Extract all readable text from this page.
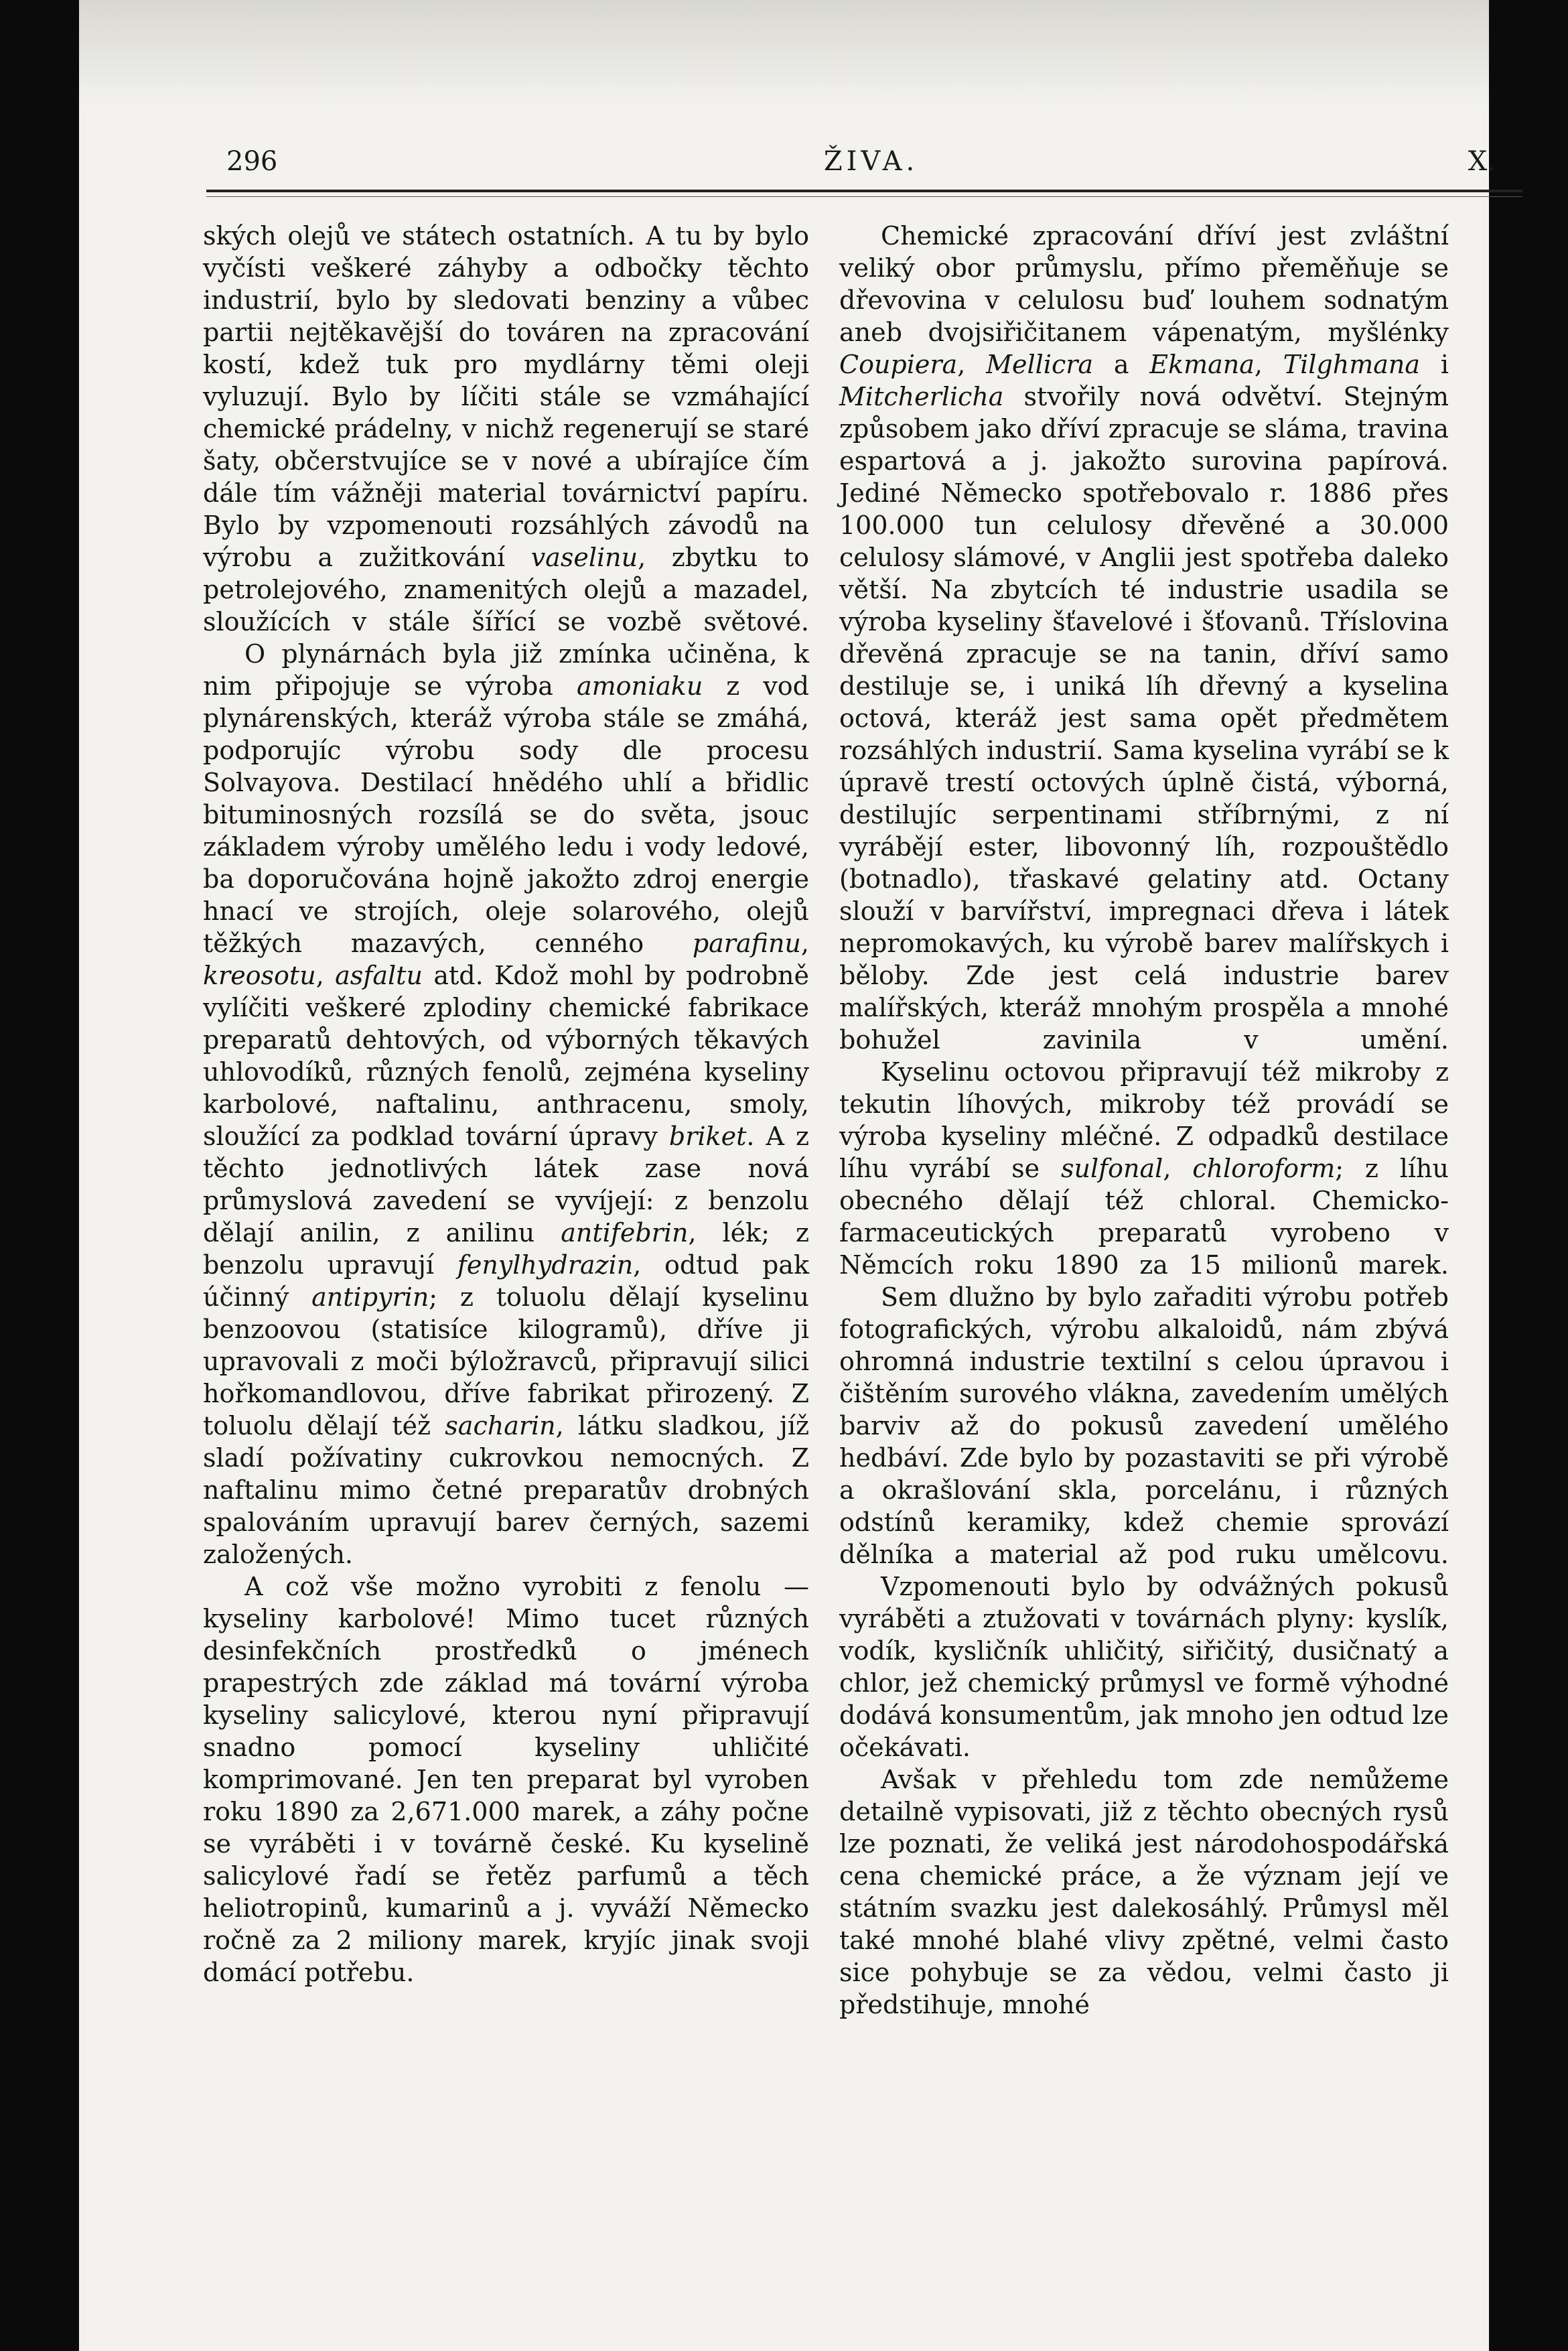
296	ŽIVA.	X.

ských olejů ve státech ostatních. A tu by bylo vyčísti veškeré záhyby a odbočky těchto industrií, bylo by sledovati benziny a vůbec partii nejtěkavější do továren na zpracování kostí, kdež tuk pro mydlárny těmi oleji vyluzují. Bylo by líčiti stále se vzmáhající chemické prádelny, v nichž regenerují se staré šaty, občerstvujíce se v nové a ubírajíce čím dále tím vážněji material továrnictví papíru. Bylo by vzpomenouti rozsáhlých závodů na výrobu a zužitkování vaselinu, zbytku to petrolejového, znamenitých olejů a mazadel, sloužících v stále šířící se vozbě světové.

O plynárnách byla již zmínka učiněna, k nim připojuje se výroba amoniaku z vod plynárenských, kteráž výroba stále se zmáhá, podporujíc výrobu sody dle procesu Solvayova. Destilací hnědého uhlí a břidlic bituminosných rozsílá se do světa, jsouc základem výroby umělého ledu i vody ledové, ba doporučována hojně jakožto zdroj energie hnací ve strojích, oleje solarového, olejů těžkých mazavých, cenného parafinu, kreosotu, asfaltu atd. Kdož mohl by podrobně vylíčiti veškeré zplodiny chemické fabrikace preparatů dehtových, od výborných těkavých uhlovodíků, různých fenolů, zejména kyseliny karbolové, naftalinu, anthracenu, smoly, sloužící za podklad tovární úpravy briket. A z těchto jednotlivých látek zase nová průmyslová zavedení se vyvíjejí: z benzolu dělají anilin, z anilinu antifebrin, lék; z benzolu upravují fenylhydrazin, odtud pak účinný antipyrin; z toluolu dělají kyselinu benzoovou (statisíce kilogramů), dříve ji upravovali z moči býložravců, připravují silici hořkomandlovou, dříve fabrikat přirozený. Z toluolu dělají též sacharin, látku sladkou, jíž sladí požívatiny cukrovkou nemocných. Z naftalinu mimo četné preparatův drobných spalováním upravují barev černých, sazemi založených.

A což vše možno vyrobiti z fenolu — kyseliny karbolové! Mimo tucet různých desinfekčních prostředků o jménech prapestrých zde základ má tovární výroba kyseliny salicylové, kterou nyní připravují snadno pomocí kyseliny uhličité komprimované. Jen ten preparat byl vyroben roku 1890 za 2,671.000 marek, a záhy počne se vyráběti i v továrně české. Ku kyselině salicylové řadí se řetěz parfumů a těch heliotropinů, kumarinů a j. vyváží Německo ročně za 2 miliony marek, kryjíc jinak svoji domácí potřebu.

Chemické zpracování dříví jest zvláštní veliký obor průmyslu, přímo přeměňuje se dřevovina v celulosu buď louhem sodnatým aneb dvojsiřičitanem vápenatým, myšlénky Coupiera, Mellicra a Ekmana, Tilghmana i Mitcherlicha stvořily nová odvětví. Stejným způsobem jako dříví zpracuje se sláma, travina espartová a j. jakožto surovina papírová. Jediné Německo spotřebovalo r. 1886 přes 100.000 tun celulosy dřevěné a 30.000 celulosy slámové, v Anglii jest spotřeba daleko větší. Na zbytcích té industrie usadila se výroba kyseliny šťavelové i šťovanů. Tříslovina dřevěná zpracuje se na tanin, dříví samo destiluje se, i uniká líh dřevný a kyselina octová, kteráž jest sama opět předmětem rozsáhlých industrií. Sama kyselina vyrábí se k úpravě trestí octových úplně čistá, výborná, destilujíc serpentinami stříbrnými, z ní vyrábějí ester, libovonný líh, rozpouštědlo (botnadlo), třaskavé gelatiny atd. Octany slouží v barvířství, impregnaci dřeva i látek nepromokavých, ku výrobě barev malířskych i běloby. Zde jest celá industrie barev malířských, kteráž mnohým prospěla a mnohé bohužel zavinila v umění.

Kyselinu octovou připravují též mikroby z tekutin líhových, mikroby též provádí se výroba kyseliny mléčné. Z odpadků destilace líhu vyrábí se sulfonal, chloroform; z líhu obecného dělají též chloral. Chemicko-farmaceutických preparatů vyrobeno v Němcích roku 1890 za 15 milionů marek.

Sem dlužno by bylo zařaditi výrobu potřeb fotografických, výrobu alkaloidů, nám zbývá ohromná industrie textilní s celou úpravou i čištěním surového vlákna, zavedením umělých barviv až do pokusů zavedení umělého hedbáví. Zde bylo by pozastaviti se při výrobě a okrašlování skla, porcelánu, i různých odstínů keramiky, kdež chemie sprovází dělníka a material až pod ruku umělcovu.

Vzpomenouti bylo by odvážných pokusů vyráběti a ztužovati v továrnách plyny: kyslík, vodík, kysličník uhličitý, siřičitý, dusičnatý a chlor, jež chemický průmysl ve formě výhodné dodává konsumentům, jak mnoho jen odtud lze očekávati.

Avšak v přehledu tom zde nemůžeme detailně vypisovati, již z těchto obecných rysů lze poznati, že veliká jest národohospodářská cena chemické práce, a že význam její ve státním svazku jest dalekosáhlý. Průmysl měl také mnohé blahé vlivy zpětné, velmi často sice pohybuje se za vědou, velmi často ji předstihuje, mnohé
